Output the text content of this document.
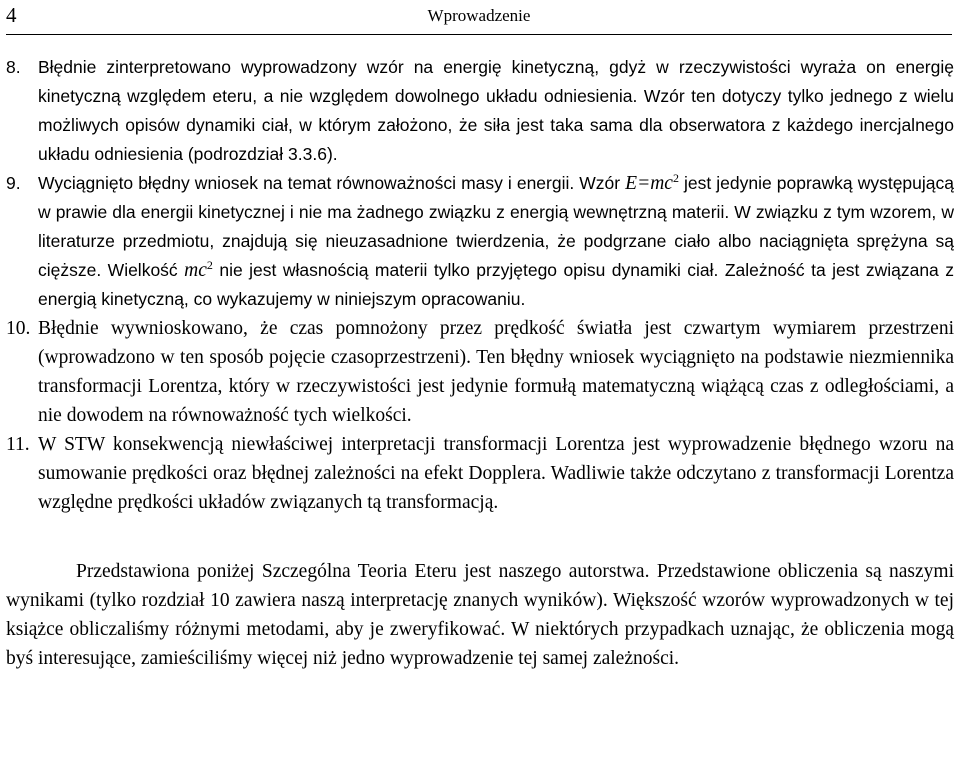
4	Wprowadzenie
8. Błędnie zinterpretowano wyprowadzony wzór na energię kinetyczną, gdyż w rzeczywistości wyraża on energię kinetyczną względem eteru, a nie względem dowolnego układu odniesienia. Wzór ten dotyczy tylko jednego z wielu możliwych opisów dynamiki ciał, w którym założono, że siła jest taka sama dla obserwatora z każdego inercjalnego układu odniesienia (podrozdział 3.3.6).
9. Wyciągnięto błędny wniosek na temat równoważności masy i energii. Wzór $E=mc^2$ jest jedynie poprawką występującą w prawie dla energii kinetycznej i nie ma żadnego związku z energią wewnętrzną materii. W związku z tym wzorem, w literaturze przedmiotu, znajdują się nieuzasadnione twierdzenia, że podgrzane ciało albo naciągnięta sprężyna są cięższe. Wielkość $mc^2$ nie jest własnością materii tylko przyjętego opisu dynamiki ciał. Zależność ta jest związana z energią kinetyczną, co wykazujemy w niniejszym opracowaniu.
10. Błędnie wywnioskowano, że czas pomnożony przez prędkość światła jest czwartym wymiarem przestrzeni (wprowadzono w ten sposób pojęcie czasoprzestrzeni). Ten błędny wniosek wyciągnięto na podstawie niezmiennika transformacji Lorentza, który w rzeczywistości jest jedynie formułą matematyczną wiążącą czas z odległościami, a nie dowodem na równoważność tych wielkości.
11. W STW konsekwencją niewłaściwej interpretacji transformacji Lorentza jest wyprowadzenie błędnego wzoru na sumowanie prędkości oraz błędnej zależności na efekt Dopplera. Wadliwie także odczytano z transformacji Lorentza względne prędkości układów związanych tą transformacją.

Przedstawiona poniżej Szczególna Teoria Eteru jest naszego autorstwa. Przedstawione obliczenia są naszymi wynikami (tylko rozdział 10 zawiera naszą interpretację znanych wyników). Większość wzorów wyprowadzonych w tej książce obliczaliśmy różnymi metodami, aby je zweryfikować. W niektórych przypadkach uznając, że obliczenia mogą byś interesujące, zamieściliśmy więcej niż jedno wyprowadzenie tej samej zależności.
